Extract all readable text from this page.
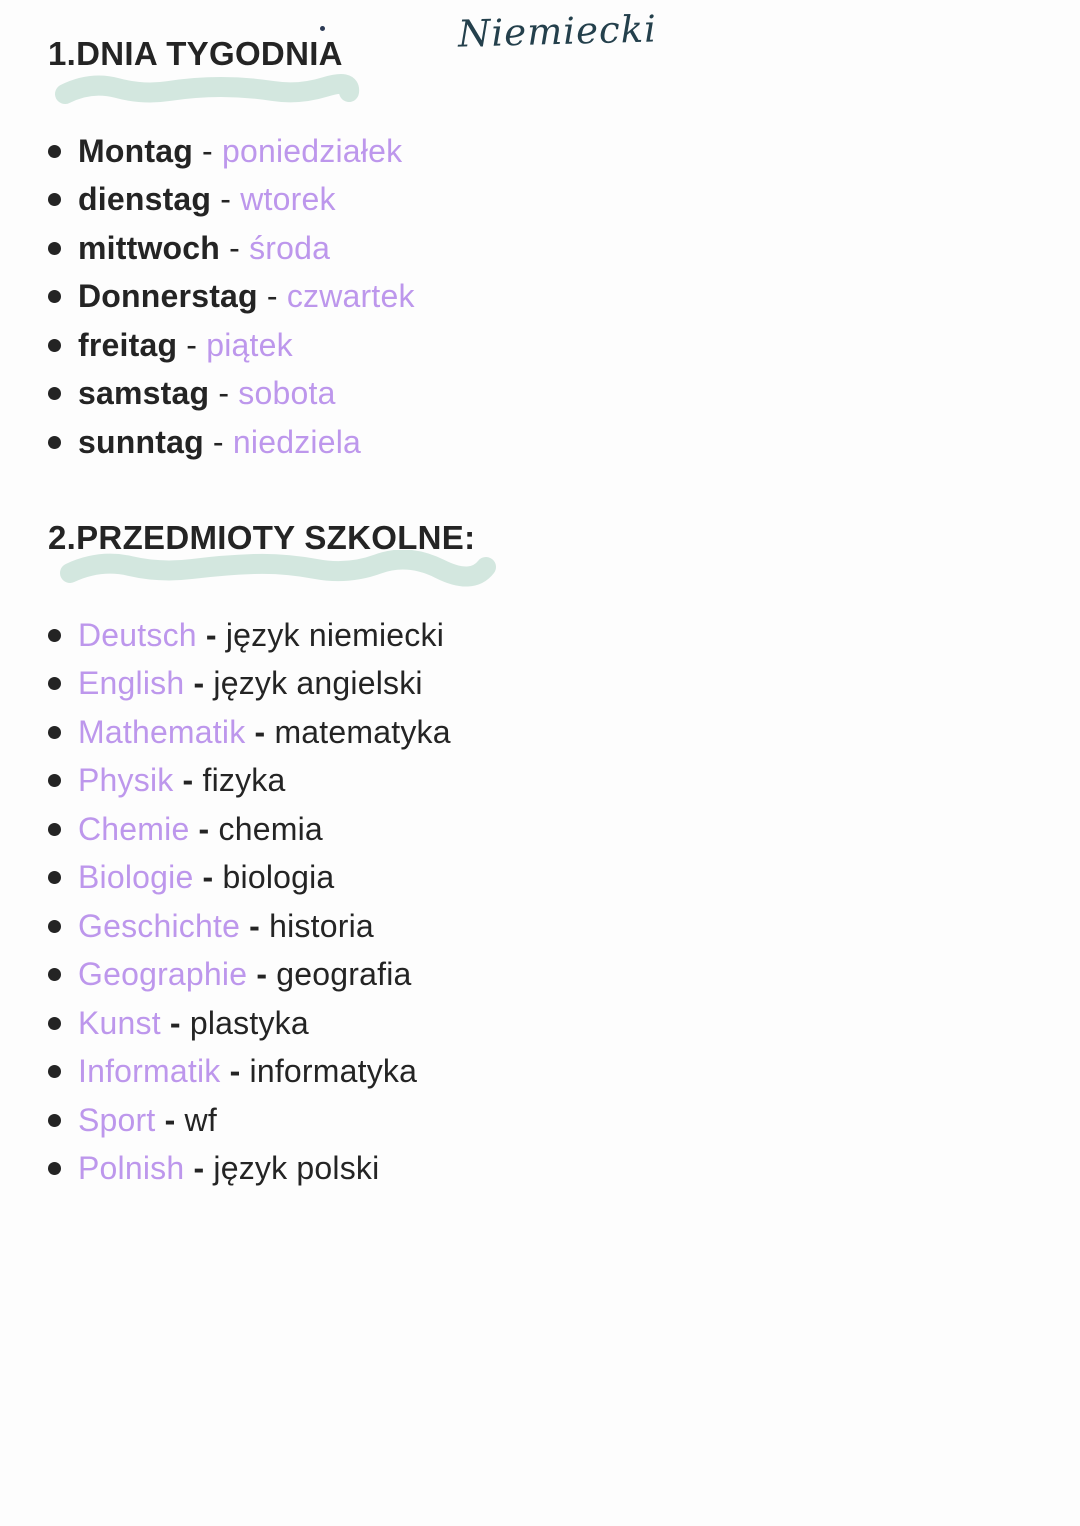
Niemiecki
1.DNIA TYGODNIA
Montag - poniedziałek
dienstag - wtorek
mittwoch - środa
Donnerstag - czwartek
freitag - piątek
samstag - sobota
sunntag - niedziela
2.PRZEDMIOTY SZKOLNE:
Deutsch - język niemiecki
English - język angielski
Mathematik - matematyka
Physik - fizyka
Chemie - chemia
Biologie - biologia
Geschichte - historia
Geographie - geografia
Kunst - plastyka
Informatik - informatyka
Sport - wf
Polnish - język polski
